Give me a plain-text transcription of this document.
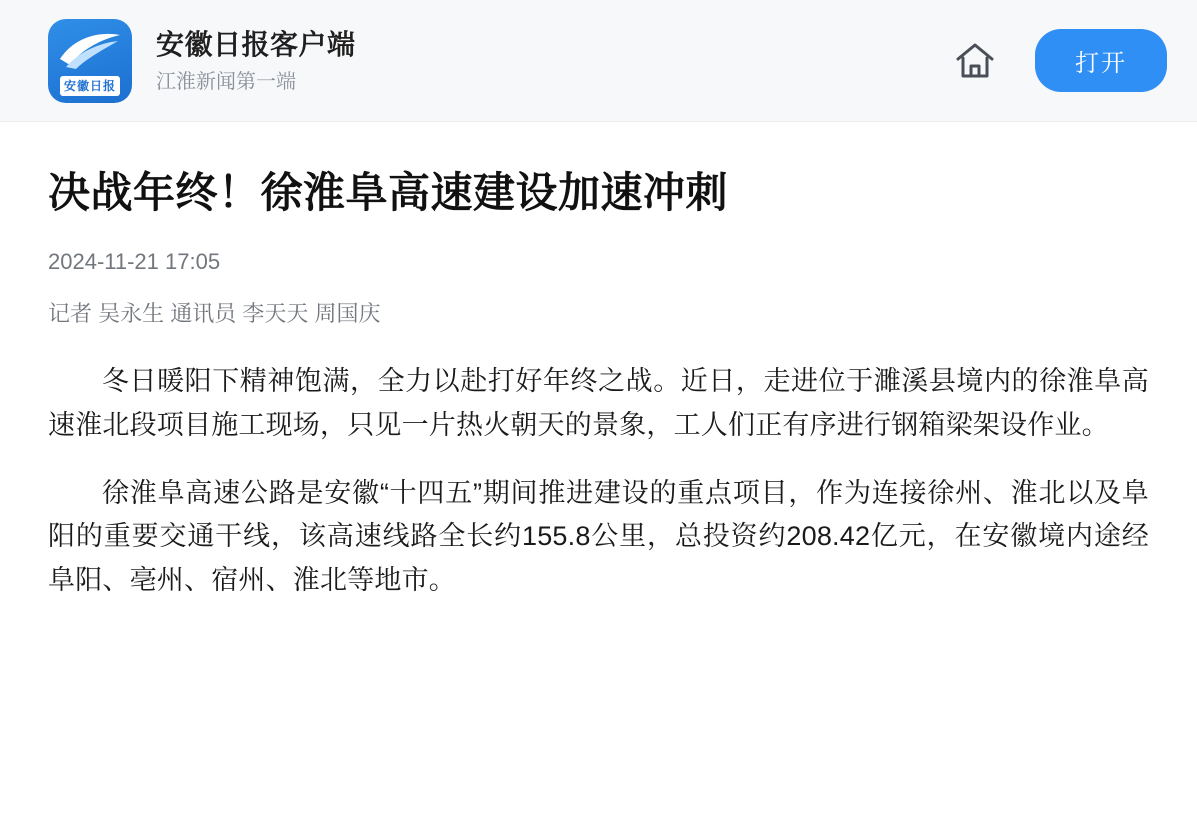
安徽日报
安徽日报客户端
江淮新闻第一端
打开
决战年终！徐淮阜高速建设加速冲刺
2024-11-21 17:05
记者 吴永生 通讯员 李天天 周国庆

冬日暖阳下精神饱满，全力以赴打好年终之战。近日，走进位于濉溪县境内的徐淮阜高速淮北段项目施工现场，只见一片热火朝天的景象，工人们正有序进行钢箱梁架设作业。

徐淮阜高速公路是安徽“十四五”期间推进建设的重点项目，作为连接徐州、淮北以及阜阳的重要交通干线，该高速线路全长约155.8公里，总投资约208.42亿元，在安徽境内途经阜阳、亳州、宿州、淮北等地市。
